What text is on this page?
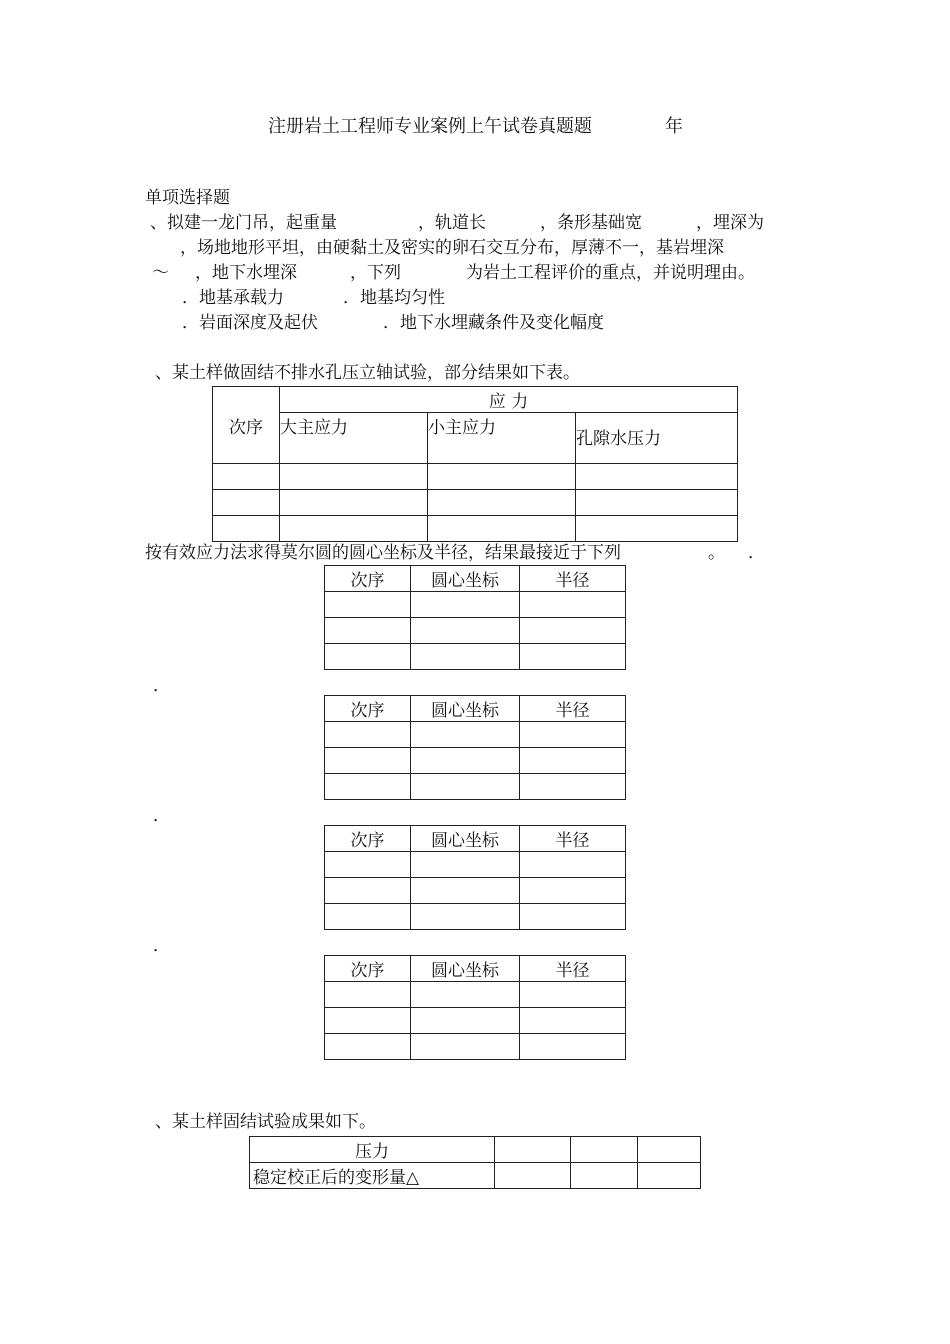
注册岩土工程师专业案例上午试卷真题题	年
单项选择题
、拟建一龙门吊，起重量	，轨道长	，条形基础宽	，埋深为
，场地地形平坦，由硬黏土及密实的卵石交互分布，厚薄不一，基岩埋深
～ ，地下水埋深	，下列	为岩土工程评价的重点，并说明理由。
．地基承载力	．地基均匀性
．岩面深度及起伏	．地下水埋藏条件及变化幅度
、某土样做固结不排水孔压立轴试验，部分结果如下表。
次序	应 力		
	大主应力	小主应力	孔隙水压力

按有效应力法求得莫尔圆的圆心坐标及半径，结果最接近于下列	。 ．
次序	圆心坐标	半径

．
次序	圆心坐标	半径

．
次序	圆心坐标	半径

．
次序	圆心坐标	半径

、某土样固结试验成果如下。
压力			
稳定校正后的变形量△			
